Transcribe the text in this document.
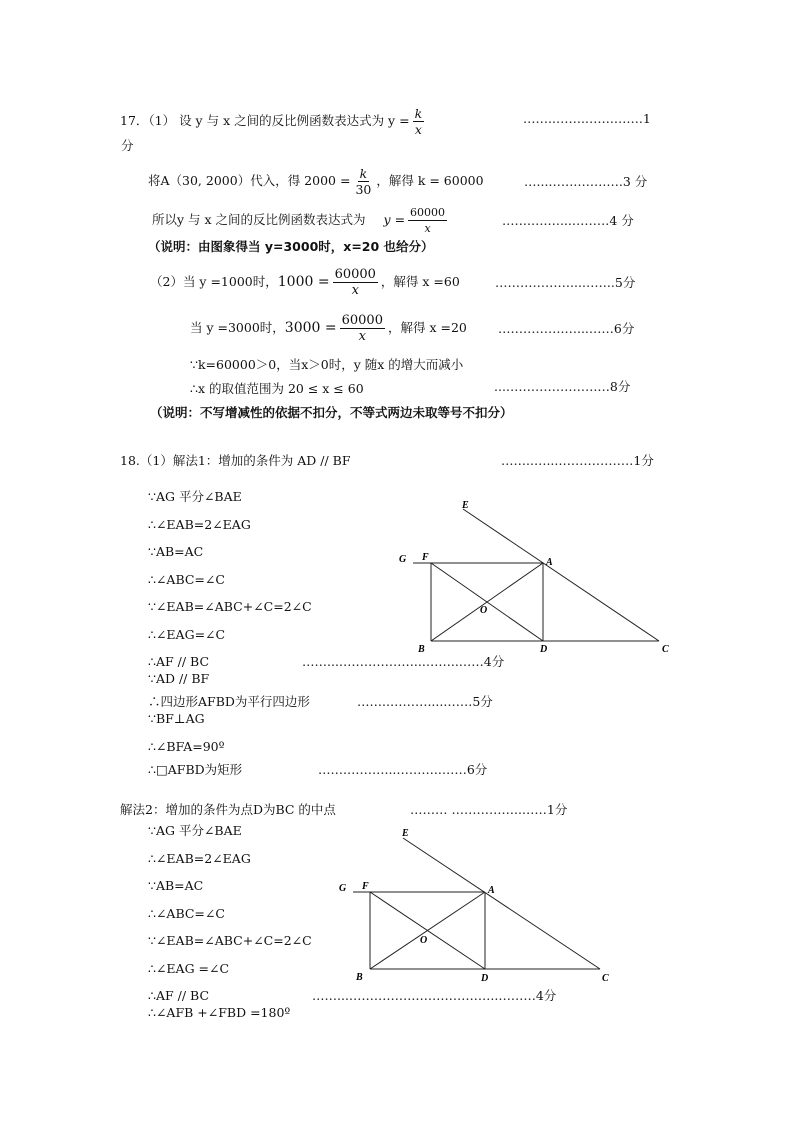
17．（1） 设 y 与 x 之间的反比例函数表达式为 $y = \frac{k}{x}$	……..…….…….…….1
分
将A（30, 2000）代入，得 $2000 = \frac{k}{30}$ ，解得 k = 60000	…...…….…….….3 分
所以y 与 x 之间的反比例函数表达式为 $y = \frac{60000}{x}$	…….….…...………4 分
（说明：由图象得当 y=3000时，x=20 也给分）
（2）当 y =1000时，$1000 = \frac{60000}{x}$ ，解得 x =60	………………...……..5分
当 y =3000时，$3000 = \frac{60000}{x}$ ，解得 x =20 …………….…...……6分
∵k=60000＞0，当x＞0时，y 随x 的增大而减小
∴x 的取值范围为 20 ≤ x ≤ 60	...………………….…8分
（说明：不写增减性的依据不扣分，不等式两边未取等号不扣分）
18.（1）解法1：增加的条件为 AD // BF	……..…...………………1分
∵AG 平分∠BAE
∴∠EAB=2∠EAG
∵AB=AC
∴∠ABC=∠C
∵∠EAB=∠ABC+∠C=2∠C
∴∠EAG=∠C
∴AF // BC
∵AD // BF
∴四边形AFBD为平行四边形
∵BF⊥AG
∴∠BFA=90º
∴□AFBD为矩形
……...………………...……..……4分
……..……….....……5分
…….………...………..……6分
解法2：增加的条件为点D为BC 的中点	……… ……………..……1分
∵AG 平分∠BAE
∴∠EAB=2∠EAG
∵AB=AC
∴∠ABC=∠C
∵∠EAB=∠ABC+∠C=2∠C
∴∠EAG =∠C
∴AF // BC
∴∠AFB +∠FBD =180º
……...…………….………………..………4分
E
G F	A
O
B	D	C
E
G F	A
O
B	D	C
